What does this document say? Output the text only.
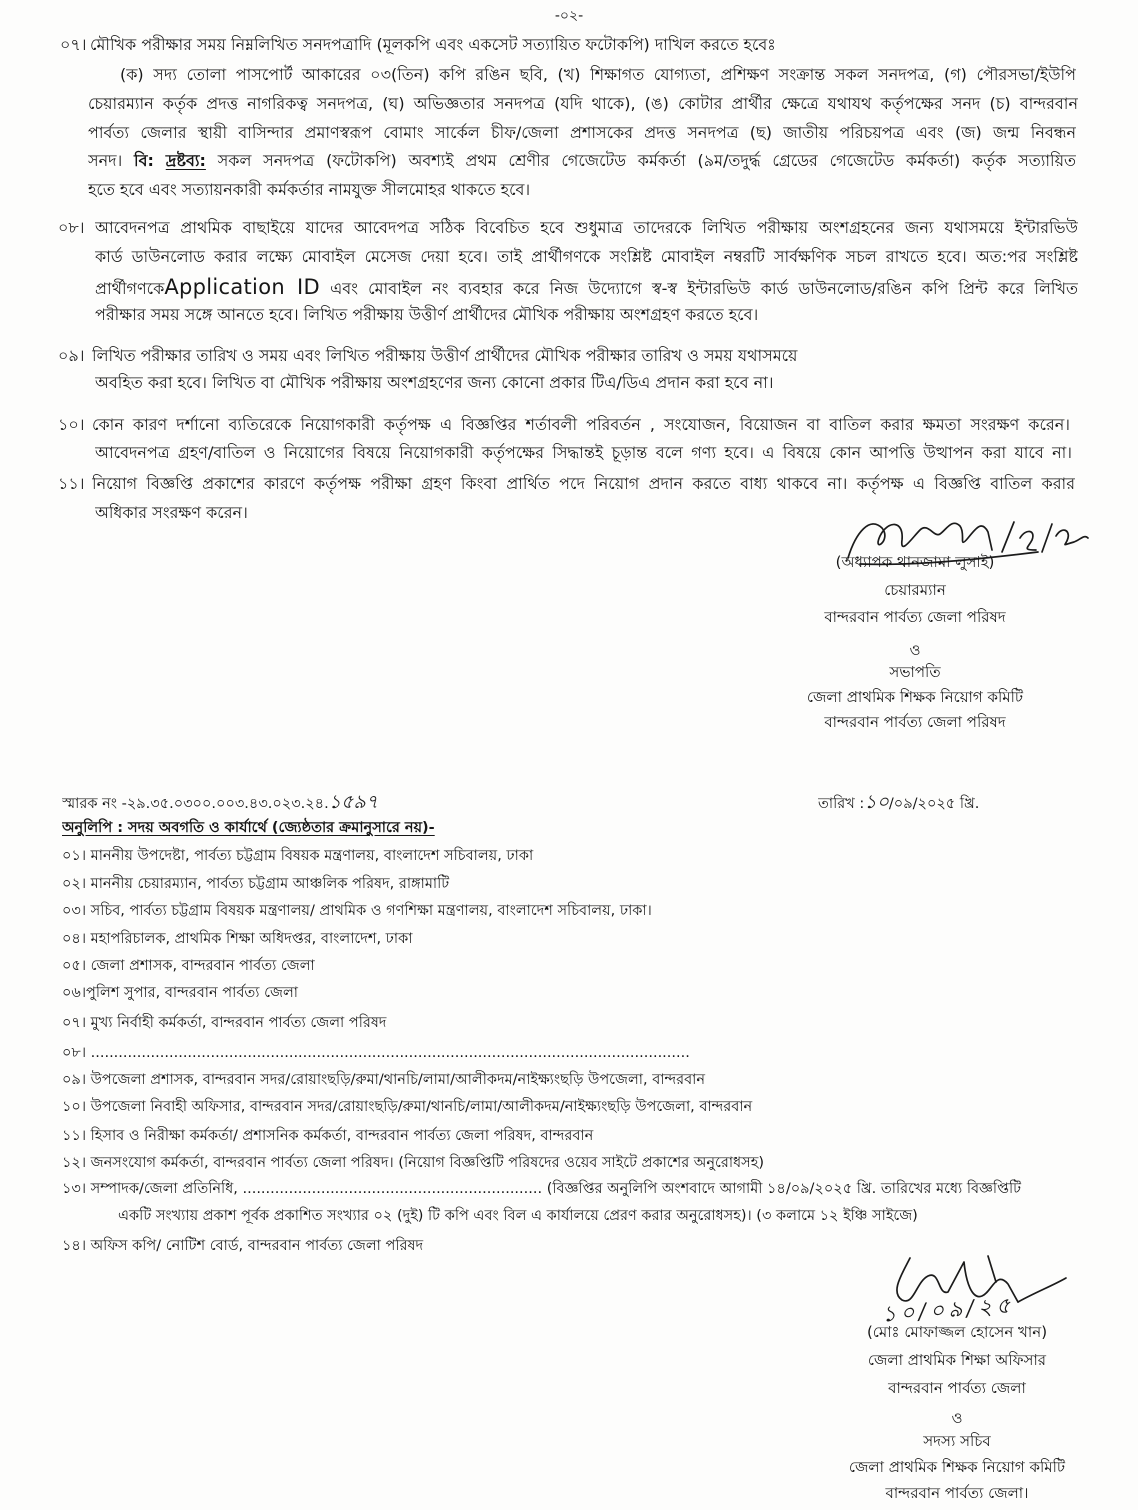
-০২-
০৭। মৌখিক পরীক্ষার সময় নিম্নলিখিত সনদপত্রাদি (মূলকপি এবং একসেট সত্যায়িত ফটোকপি) দাখিল করতে হবেঃ
(ক) সদ্য তোলা পাসপোর্ট আকারের ০৩(তিন) কপি রঙিন ছবি, (খ) শিক্ষাগত যোগ্যতা, প্রশিক্ষণ সংক্রান্ত সকল সনদপত্র, (গ) পৌরসভা/ইউপি
চেয়ারম্যান কর্তৃক প্রদত্ত নাগরিকত্ব সনদপত্র, (ঘ) অভিজ্ঞতার সনদপত্র (যদি থাকে), (ঙ) কোটার প্রার্থীর ক্ষেত্রে যথাযথ কর্তৃপক্ষের সনদ (চ) বান্দরবান
পার্বত্য জেলার স্থায়ী বাসিন্দার প্রমাণস্বরূপ বোমাং সার্কেল চীফ/জেলা প্রশাসকের প্রদত্ত সনদপত্র (ছ) জাতীয় পরিচয়পত্র এবং (জ) জন্ম নিবন্ধন
সনদ। বি: দ্রষ্টব্য: সকল সনদপত্র (ফটোকপি) অবশ্যই প্রথম শ্রেণীর গেজেটেড কর্মকর্তা (৯ম/তদুর্দ্ধ গ্রেডের গেজেটেড কর্মকর্তা) কর্তৃক সত্যায়িত
হতে হবে এবং সত্যায়নকারী কর্মকর্তার নামযুক্ত সীলমোহর থাকতে হবে।
০৮। আবেদনপত্র প্রাথমিক বাছাইয়ে যাদের আবেদপত্র সঠিক বিবেচিত হবে শুধুমাত্র তাদেরকে লিখিত পরীক্ষায় অংশগ্রহনের জন্য যথাসময়ে ইন্টারভিউ
কার্ড ডাউনলোড করার লক্ষ্যে মোবাইল মেসেজ দেয়া হবে। তাই প্রার্থীগণকে সংশ্লিষ্ট মোবাইল নম্বরটি সার্বক্ষণিক সচল রাখতে হবে। অত:পর সংশ্লিষ্ট
প্রার্থীগণকেApplication ID এবং মোবাইল নং ব্যবহার করে নিজ উদ্যোগে স্ব-স্ব ইন্টারভিউ কার্ড ডাউনলোড/রঙিন কপি প্রিন্ট করে লিখিত
পরীক্ষার সময় সঙ্গে আনতে হবে। লিখিত পরীক্ষায় উত্তীর্ণ প্রার্থীদের মৌখিক পরীক্ষায় অংশগ্রহণ করতে হবে।
০৯। লিখিত পরীক্ষার তারিখ ও সময় এবং লিখিত পরীক্ষায় উত্তীর্ণ প্রার্থীদের মৌখিক পরীক্ষার তারিখ ও সময় যথাসময়ে
অবহিত করা হবে। লিখিত বা মৌখিক পরীক্ষায় অংশগ্রহণের জন্য কোনো প্রকার টিএ/ডিএ প্রদান করা হবে না।
১০। কোন কারণ দর্শানো ব্যতিরেকে নিয়োগকারী কর্তৃপক্ষ এ বিজ্ঞপ্তির শর্তাবলী পরিবর্তন , সংযোজন, বিয়োজন বা বাতিল করার ক্ষমতা সংরক্ষণ করেন।
আবেদনপত্র গ্রহণ/বাতিল ও নিয়োগের বিষয়ে নিয়োগকারী কর্তৃপক্ষের সিদ্ধান্তই চূড়ান্ত বলে গণ্য হবে। এ বিষয়ে কোন আপত্তি উত্থাপন করা যাবে না।
১১। নিয়োগ বিজ্ঞপ্তি প্রকাশের কারণে কর্তৃপক্ষ পরীক্ষা গ্রহণ কিংবা প্রার্থিত পদে নিয়োগ প্রদান করতে বাধ্য থাকবে না। কর্তৃপক্ষ এ বিজ্ঞপ্তি বাতিল করার
অধিকার সংরক্ষণ করেন।
(অধ্যাপক থানজামা লুসাই)
চেয়ারম্যান
বান্দরবান পার্বত্য জেলা পরিষদ
ও
সভাপতি
জেলা প্রাথমিক শিক্ষক নিয়োগ কমিটি
বান্দরবান পার্বত্য জেলা পরিষদ
স্মারক নং -২৯.৩৫.০৩০০.০০৩.৪৩.০২৩.২৪.১৫৯৭	তারিখ :১০/০৯/২০২৫ খ্রি.
অনুলিপি : সদয় অবগতি ও কার্যার্থে (জ্যেষ্ঠতার ক্রমানুসারে নয়)-
০১। মাননীয় উপদেষ্টা, পার্বত্য চট্টগ্রাম বিষয়ক মন্ত্রণালয়, বাংলাদেশ সচিবালয়, ঢাকা
০২। মাননীয় চেয়ারম্যান, পার্বত্য চট্টগ্রাম আঞ্চলিক পরিষদ, রাঙ্গামাটি
০৩। সচিব, পার্বত্য চট্টগ্রাম বিষয়ক মন্ত্রণালয়/ প্রাথমিক ও গণশিক্ষা মন্ত্রণালয়, বাংলাদেশ সচিবালয়, ঢাকা।
০৪। মহাপরিচালক, প্রাথমিক শিক্ষা অধিদপ্তর, বাংলাদেশ, ঢাকা
০৫। জেলা প্রশাসক, বান্দরবান পার্বত্য জেলা
০৬।পুলিশ সুপার, বান্দরবান পার্বত্য জেলা
০৭। মুখ্য নির্বাহী কর্মকর্তা, বান্দরবান পার্বত্য জেলা পরিষদ
০৮। ..................................................................................................................................
০৯। উপজেলা প্রশাসক, বান্দরবান সদর/রোয়াংছড়ি/রুমা/থানচি/লামা/আলীকদম/নাইক্ষ্যংছড়ি উপজেলা, বান্দরবান
১০। উপজেলা নিবাহী অফিসার, বান্দরবান সদর/রোয়াংছড়ি/রুমা/থানচি/লামা/আলীকদম/নাইক্ষ্যংছড়ি উপজেলা, বান্দরবান
১১। হিসাব ও নিরীক্ষা কর্মকর্তা/ প্রশাসনিক কর্মকর্তা, বান্দরবান পার্বত্য জেলা পরিষদ, বান্দরবান
১২। জনসংযোগ কর্মকর্তা, বান্দরবান পার্বত্য জেলা পরিষদ। (নিয়োগ বিজ্ঞপ্তিটি পরিষদের ওয়েব সাইটে প্রকাশের অনুরোধসহ)
১৩। সম্পাদক/জেলা প্রতিনিধি, ................................................................. (বিজ্ঞপ্তির অনুলিপি অংশবাদে আগামী ১৪/০৯/২০২৫ খ্রি. তারিখের মধ্যে বিজ্ঞপ্তিটি
একটি সংখ্যায় প্রকাশ পূর্বক প্রকাশিত সংখ্যার ০২ (দুই) টি কপি এবং বিল এ কার্যালয়ে প্রেরণ করার অনুরোধসহ)। (৩ কলামে ১২ ইঞ্চি সাইজে)
১৪। অফিস কপি/ নোটিশ বোর্ড, বান্দরবান পার্বত্য জেলা পরিষদ
১০/০৯/২৫
(মোঃ মোফাজ্জল হোসেন খান)
জেলা প্রাথমিক শিক্ষা অফিসার
বান্দরবান পার্বত্য জেলা
ও
সদস্য সচিব
জেলা প্রাথমিক শিক্ষক নিয়োগ কমিটি
বান্দরবান পার্বত্য জেলা।
